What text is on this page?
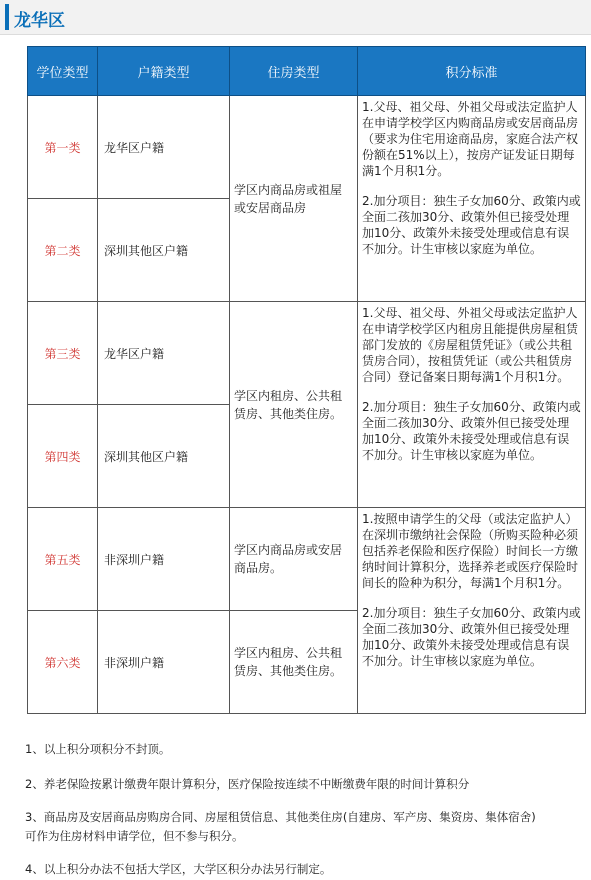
龙华区
学位类型	户籍类型	住房类型	积分标准
第一类	龙华区户籍	学区内商品房或祖屋或安居商品房	1.父母、祖父母、外祖父母或法定监护人在申请学校学区内购商品房或安居商品房（要求为住宅用途商品房，家庭合法产权份额在51%以上），按房产证发证日期每满1个月积1分。
2.加分项目：独生子女加60分、政策内或全面二孩加30分、政策外但已接受处理加10分、政策外未接受处理或信息有误不加分。计生审核以家庭为单位。

第二类	深圳其他区户籍		
第三类	龙华区户籍	学区内租房、公共租赁房、其他类住房。	1.父母、祖父母、外祖父母或法定监护人在申请学校学区内租房且能提供房屋租赁部门发放的《房屋租赁凭证》（或公共租赁房合同），按租赁凭证（或公共租赁房合同）登记备案日期每满1个月积1分。
2.加分项目：独生子女加60分、政策内或全面二孩加30分、政策外但已接受处理加10分、政策外未接受处理或信息有误不加分。计生审核以家庭为单位。

第四类	深圳其他区户籍		
第五类	非深圳户籍	学区内商品房或安居商品房。	1.按照申请学生的父母（或法定监护人）在深圳市缴纳社会保险（所购买险种必须包括养老保险和医疗保险）时间长一方缴纳时间计算积分，选择养老或医疗保险时间长的险种为积分，每满1个月积1分。
2.加分项目：独生子女加60分、政策内或全面二孩加30分、政策外但已接受处理加10分、政策外未接受处理或信息有误不加分。计生审核以家庭为单位。

第六类	非深圳户籍	学区内租房、公共租赁房、其他类住房。	
1、以上积分项积分不封顶。
2、养老保险按累计缴费年限计算积分，医疗保险按连续不中断缴费年限的时间计算积分
3、商品房及安居商品房购房合同、房屋租赁信息、其他类住房(自建房、军产房、集资房、集体宿舍)
可作为住房材料申请学位，但不参与积分。
4、以上积分办法不包括大学区，大学区积分办法另行制定。
